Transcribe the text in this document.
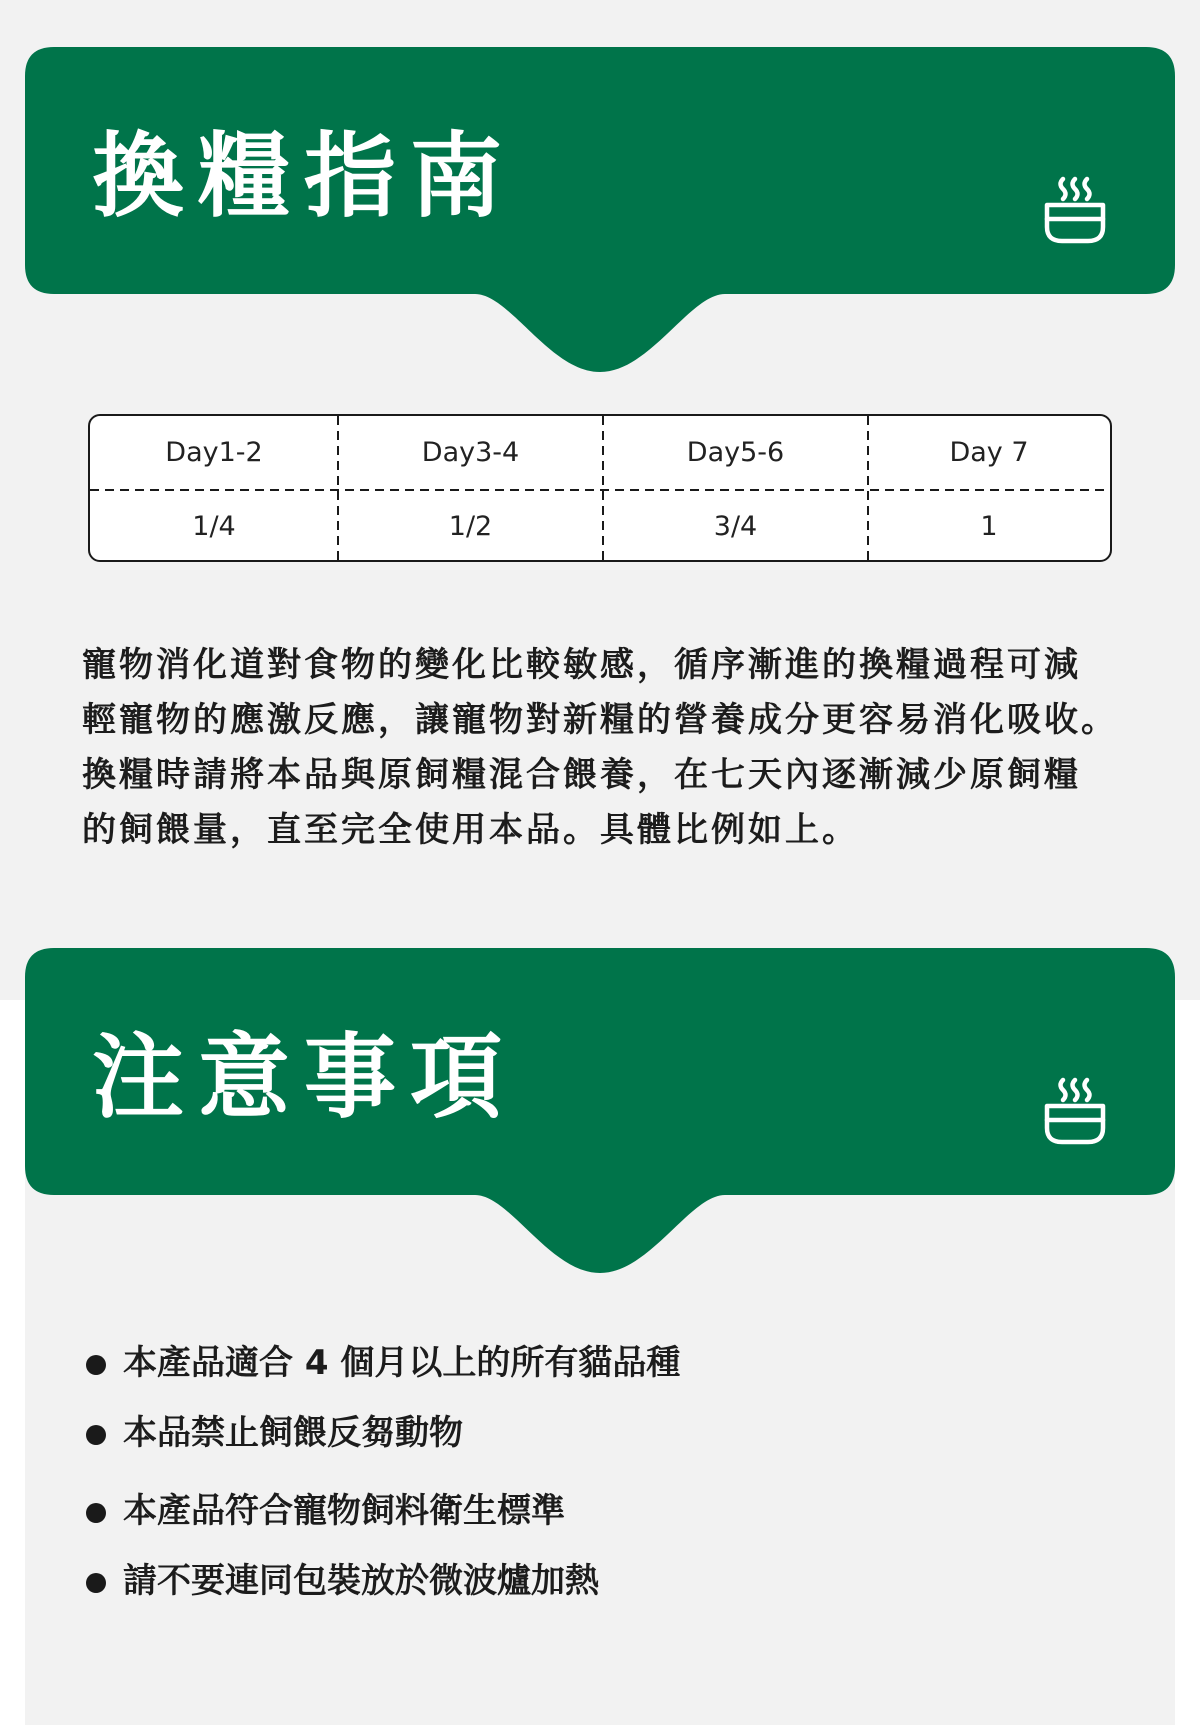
換糧指南
Day1-2	Day3-4	Day5-6	Day 7
1/4	1/2	3/4	1

寵物消化道對食物的變化比較敏感，循序漸進的換糧過程可減
輕寵物的應激反應，讓寵物對新糧的營養成分更容易消化吸收。
換糧時請將本品與原飼糧混合餵養，在七天內逐漸減少原飼糧
的飼餵量，直至完全使用本品。具體比例如上。

注意事項
本產品適合 4 個月以上的所有貓品種
本品禁止飼餵反芻動物
本產品符合寵物飼料衛生標準
請不要連同包裝放於微波爐加熱
